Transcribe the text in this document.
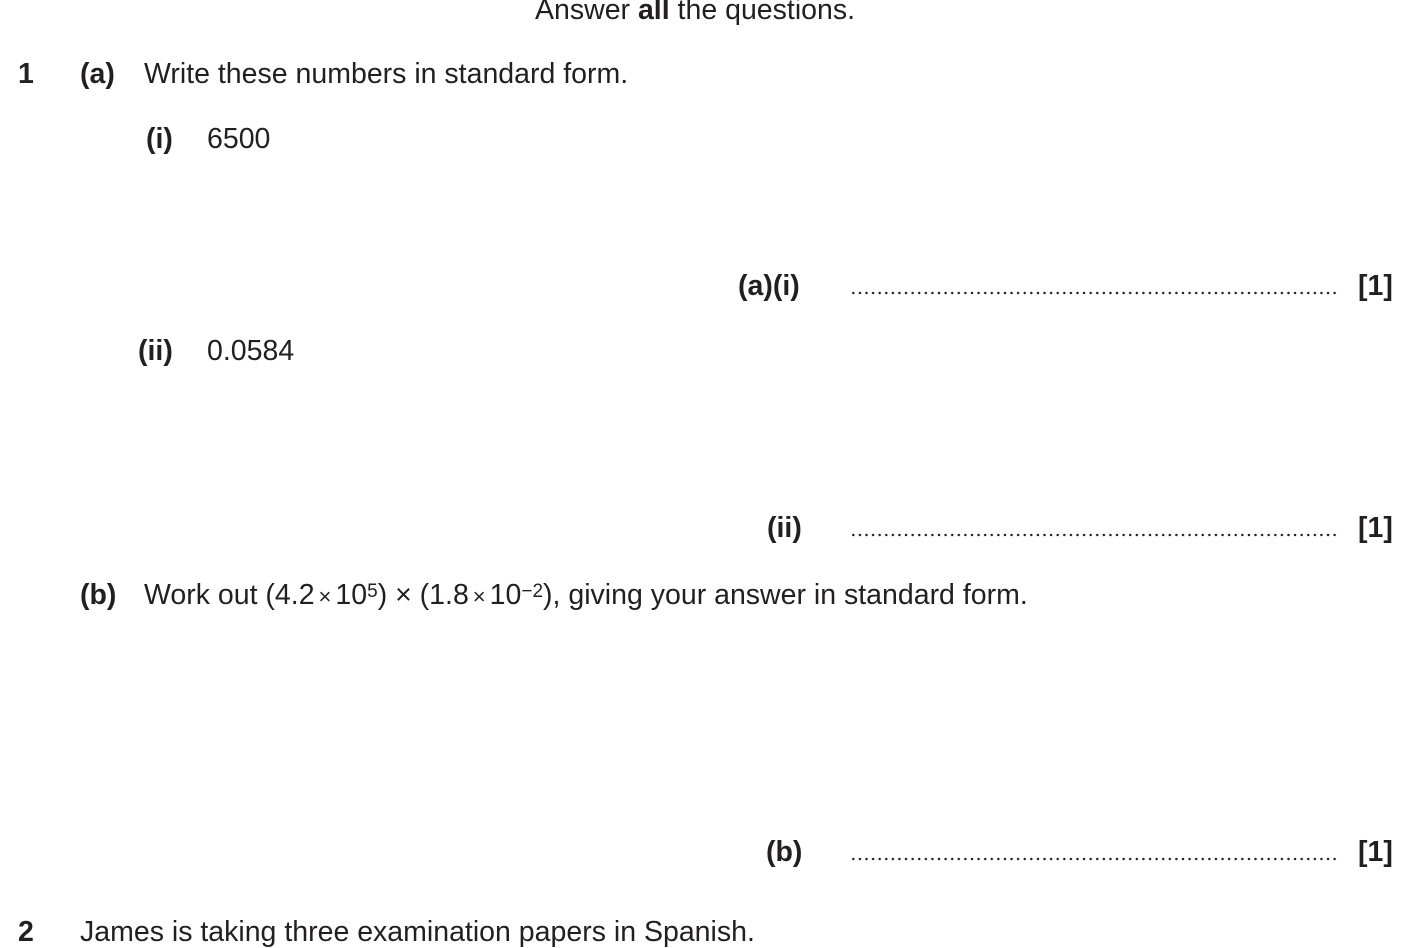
Answer all the questions.
1 (a) Write these numbers in standard form.
(i) 6500
(a)(i)	[1]
(ii) 0.0584
(ii)	[1]
(b) Work out $(4.2 \times 10^5) \times (1.8 \times 10^{-2})$, giving your answer in standard form.
(b)	[1]
2 James is taking three examination papers in Spanish.
